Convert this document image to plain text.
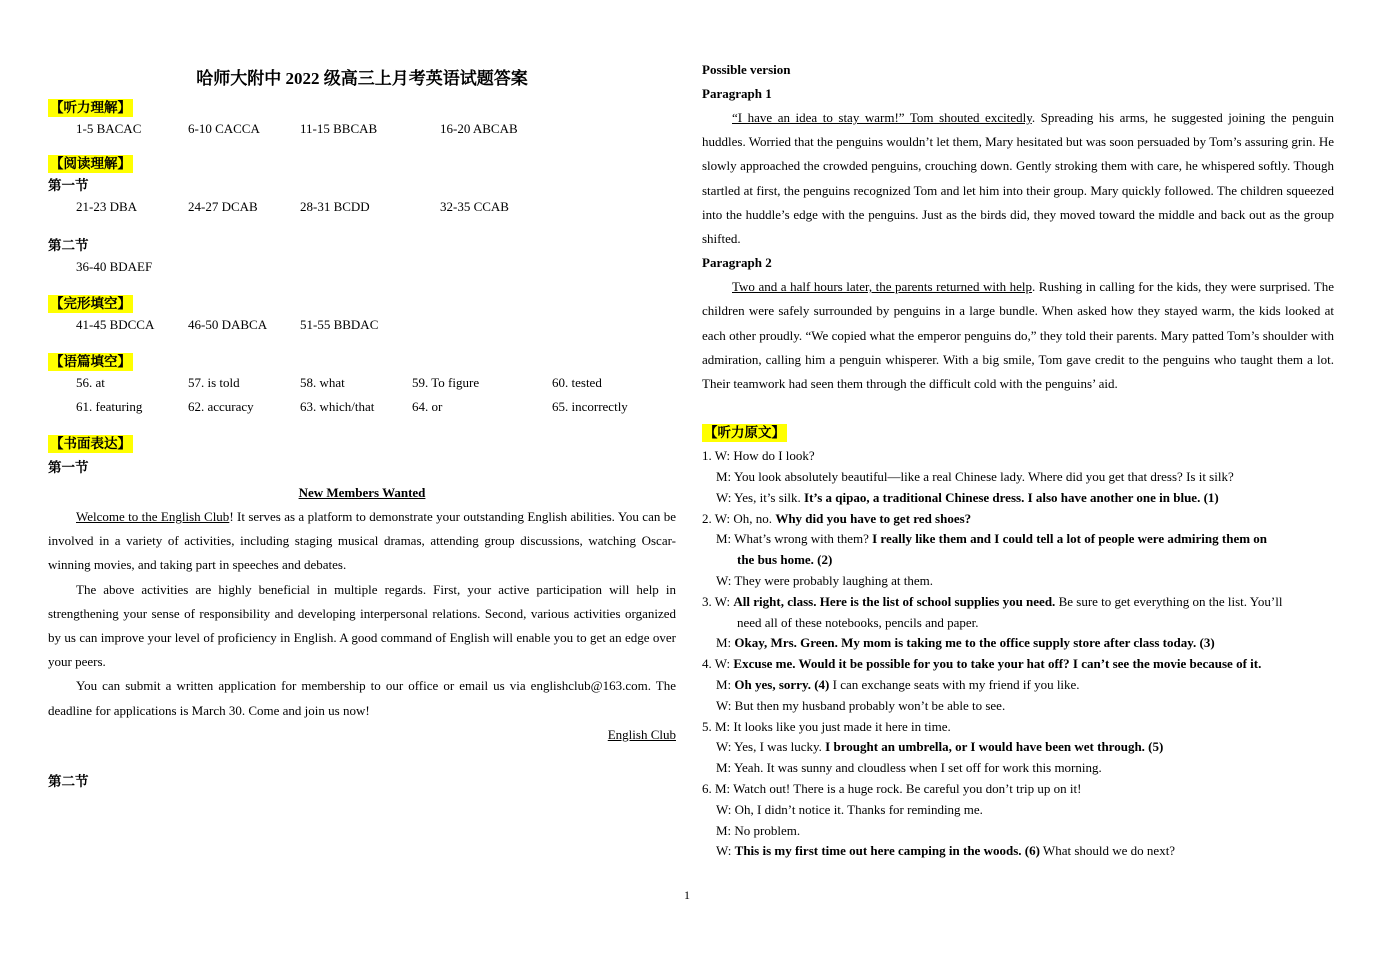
哈师大附中 2022 级高三上月考英语试题答案
【听力理解】
1-5 BACAC	6-10 CACCA	11-15 BBCAB	16-20 ABCAB
【阅读理解】
第一节
21-23 DBA	24-27 DCAB	28-31 BCDD	32-35 CCAB
第二节
36-40 BDAEF
【完形填空】
41-45 BDCCA	46-50 DABCA	51-55 BBDAC
【语篇填空】
56. at	57. is told	58. what	59. To figure	60. tested
61. featuring	62. accuracy	63. which/that	64. or	65. incorrectly
【书面表达】
第一节
New Members Wanted

Welcome to the English Club! It serves as a platform to demonstrate your outstanding English abilities. You can be involved in a variety of activities, including staging musical dramas, attending group discussions, watching Oscar-winning movies, and taking part in speeches and debates.

The above activities are highly beneficial in multiple regards. First, your active participation will help in strengthening your sense of responsibility and developing interpersonal relations. Second, various activities organized by us can improve your level of proficiency in English. A good command of English will enable you to get an edge over your peers.

You can submit a written application for membership to our office or email us via englishclub@163.com. The deadline for applications is March 30. Come and join us now!

English Club
第二节
Possible version
Paragraph 1

“I have an idea to stay warm!” Tom shouted excitedly. Spreading his arms, he suggested joining the penguin huddles. Worried that the penguins wouldn’t let them, Mary hesitated but was soon persuaded by Tom’s assuring grin. He slowly approached the crowded penguins, crouching down. Gently stroking them with care, he whispered softly. Though startled at first, the penguins recognized Tom and let him into their group. Mary quickly followed. The children squeezed into the huddle’s edge with the penguins. Just as the birds did, they moved toward the middle and back out as the group shifted.

Paragraph 2

Two and a half hours later, the parents returned with help. Rushing in calling for the kids, they were surprised. The children were safely surrounded by penguins in a large bundle. When asked how they stayed warm, the kids looked at each other proudly. “We copied what the emperor penguins do,” they told their parents. Mary patted Tom’s shoulder with admiration, calling him a penguin whisperer. With a big smile, Tom gave credit to the penguins who taught them a lot. Their teamwork had seen them through the difficult cold with the penguins’ aid.

【听力原文】
1. W: How do I look?
M: You look absolutely beautiful—like a real Chinese lady. Where did you get that dress? Is it silk?
W: Yes, it’s silk. It’s a qipao, a traditional Chinese dress. I also have another one in blue. (1)
2. W: Oh, no. Why did you have to get red shoes?
M: What’s wrong with them? I really like them and I could tell a lot of people were admiring them on
the bus home. (2)
W: They were probably laughing at them.
3. W: All right, class. Here is the list of school supplies you need. Be sure to get everything on the list. You’ll
need all of these notebooks, pencils and paper.
M: Okay, Mrs. Green. My mom is taking me to the office supply store after class today. (3)
4. W: Excuse me. Would it be possible for you to take your hat off? I can’t see the movie because of it.
M: Oh yes, sorry. (4) I can exchange seats with my friend if you like.
W: But then my husband probably won’t be able to see.
5. M: It looks like you just made it here in time.
W: Yes, I was lucky. I brought an umbrella, or I would have been wet through. (5)
M: Yeah. It was sunny and cloudless when I set off for work this morning.
6. M: Watch out! There is a huge rock. Be careful you don’t trip up on it!
W: Oh, I didn’t notice it. Thanks for reminding me.
M: No problem.
W: This is my first time out here camping in the woods. (6) What should we do next?
1
